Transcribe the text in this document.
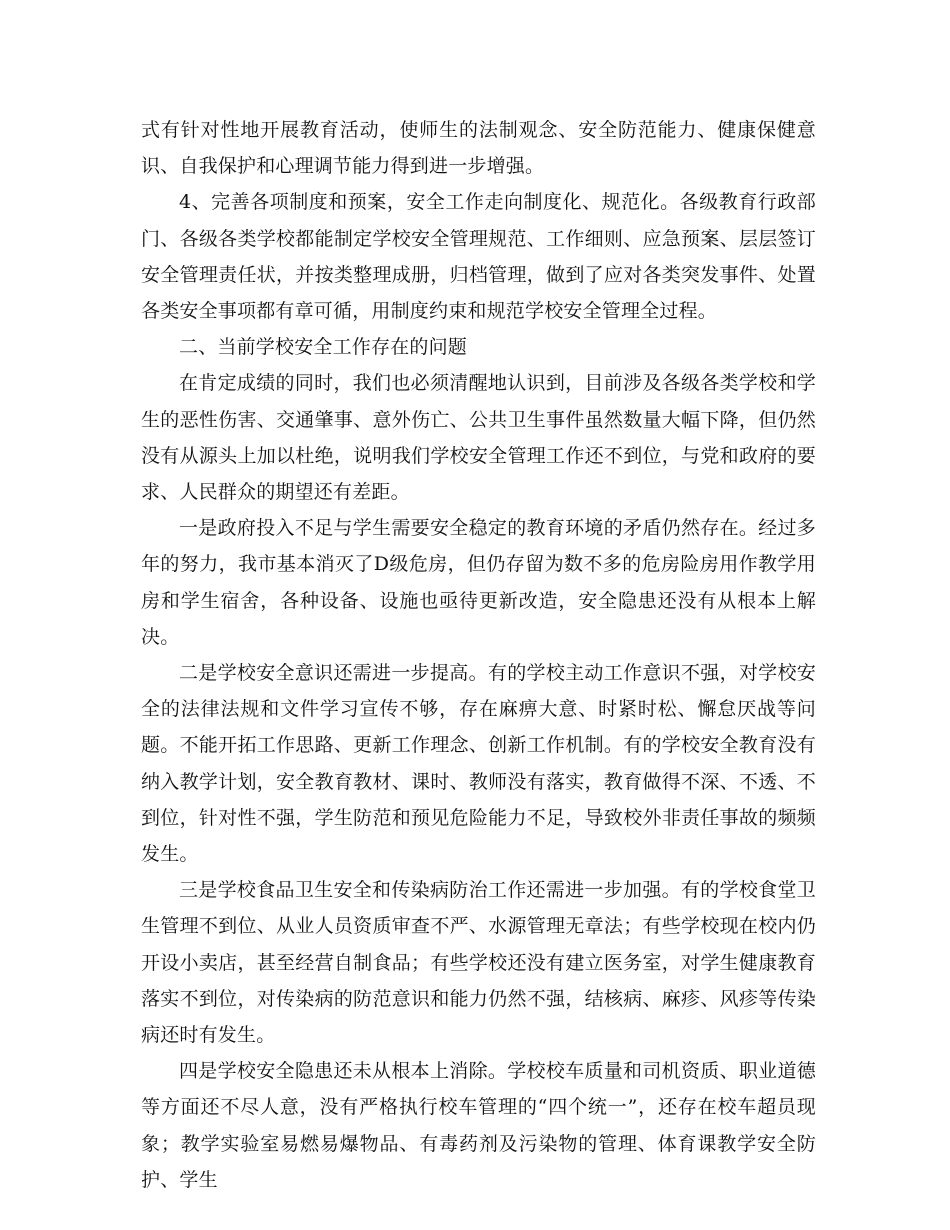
式有针对性地开展教育活动，使师生的法制观念、安全防范能力、健康保健意识、自我保护和心理调节能力得到进一步增强。

4、完善各项制度和预案，安全工作走向制度化、规范化。各级教育行政部门、各级各类学校都能制定学校安全管理规范、工作细则、应急预案、层层签订安全管理责任状，并按类整理成册，归档管理，做到了应对各类突发事件、处置各类安全事项都有章可循，用制度约束和规范学校安全管理全过程。

二、当前学校安全工作存在的问题

在肯定成绩的同时，我们也必须清醒地认识到，目前涉及各级各类学校和学生的恶性伤害、交通肇事、意外伤亡、公共卫生事件虽然数量大幅下降，但仍然没有从源头上加以杜绝，说明我们学校安全管理工作还不到位，与党和政府的要求、人民群众的期望还有差距。

一是政府投入不足与学生需要安全稳定的教育环境的矛盾仍然存在。经过多年的努力，我市基本消灭了D级危房，但仍存留为数不多的危房险房用作教学用房和学生宿舍，各种设备、设施也亟待更新改造，安全隐患还没有从根本上解决。

二是学校安全意识还需进一步提高。有的学校主动工作意识不强，对学校安全的法律法规和文件学习宣传不够，存在麻痹大意、时紧时松、懈怠厌战等问题。不能开拓工作思路、更新工作理念、创新工作机制。有的学校安全教育没有纳入教学计划，安全教育教材、课时、教师没有落实，教育做得不深、不透、不到位，针对性不强，学生防范和预见危险能力不足，导致校外非责任事故的频频发生。

三是学校食品卫生安全和传染病防治工作还需进一步加强。有的学校食堂卫生管理不到位、从业人员资质审查不严、水源管理无章法；有些学校现在校内仍开设小卖店，甚至经营自制食品；有些学校还没有建立医务室，对学生健康教育落实不到位，对传染病的防范意识和能力仍然不强，结核病、麻疹、风疹等传染病还时有发生。

四是学校安全隐患还未从根本上消除。学校校车质量和司机资质、职业道德等方面还不尽人意，没有严格执行校车管理的“四个统一”，还存在校车超员现象；教学实验室易燃易爆物品、有毒药剂及污染物的管理、体育课教学安全防护、学生
